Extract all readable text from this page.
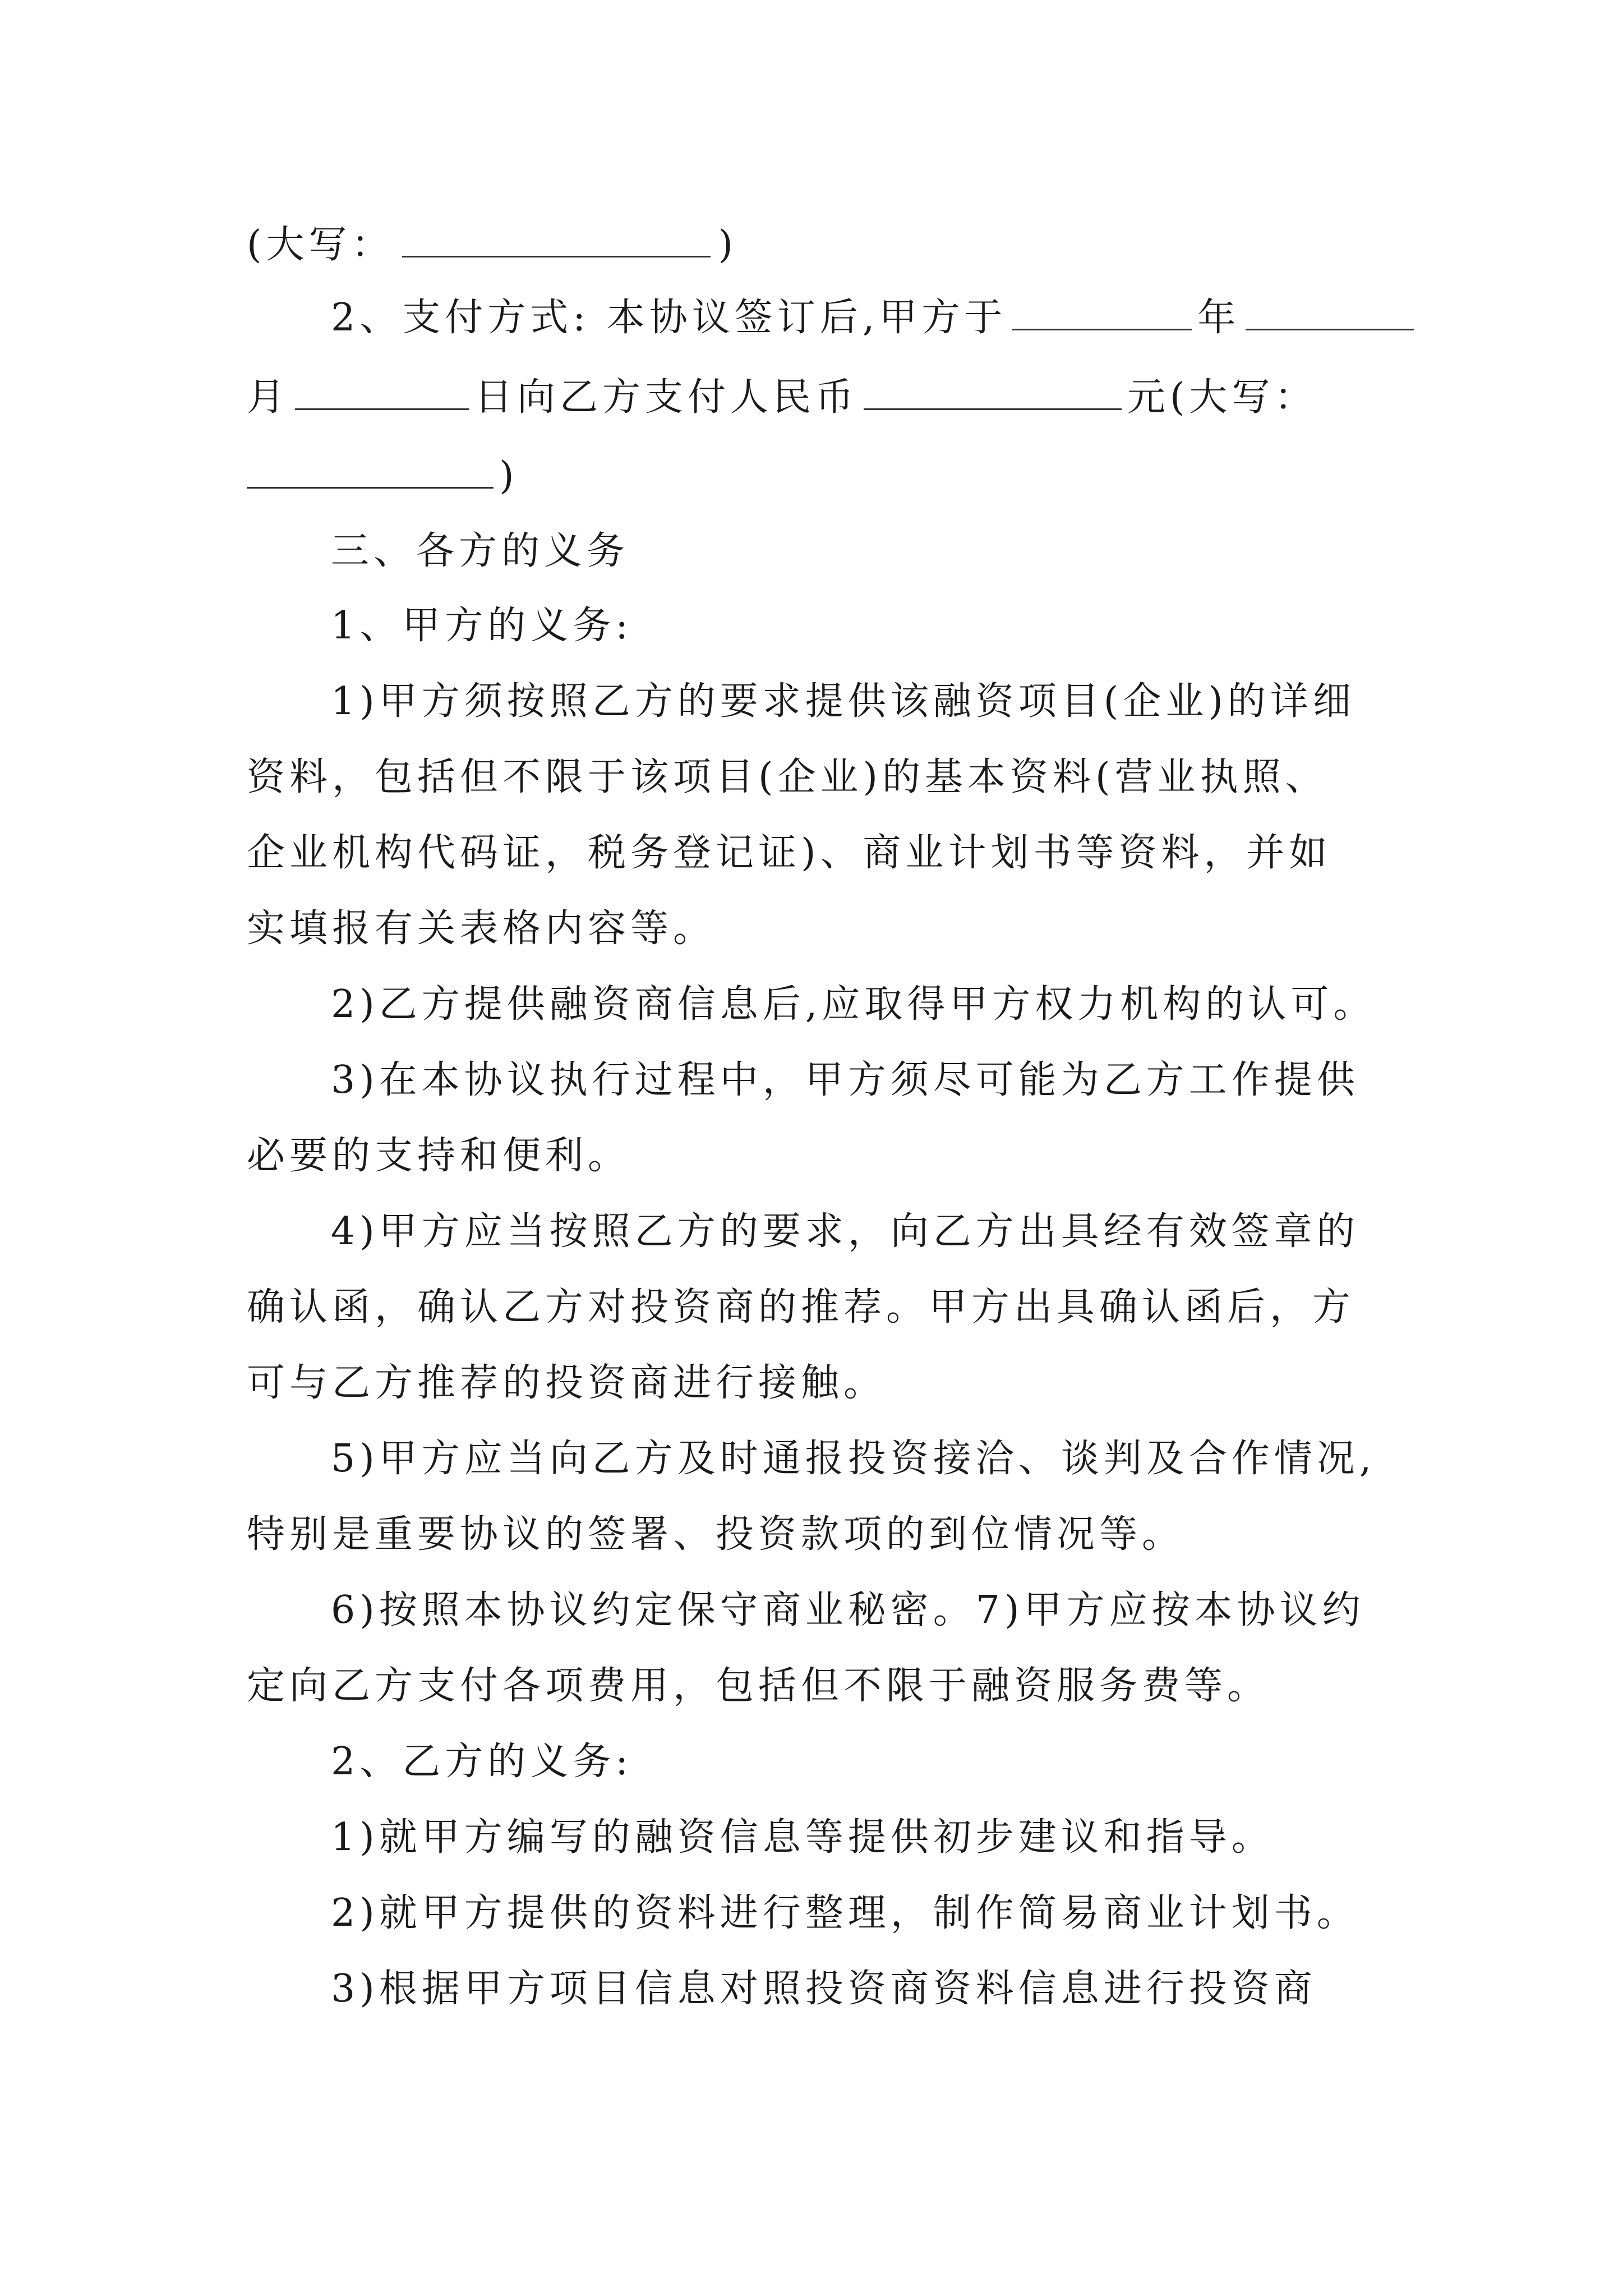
(大写：	)
2、支付方式: 本协议签订后,甲方于	年
月	日向乙方支付人民币	元(大写：
)
三、各方的义务
1、甲方的义务:
1)甲方须按照乙方的要求提供该融资项目(企业)的详细
资料，包括但不限于该项目(企业)的基本资料(营业执照、
企业机构代码证，税务登记证)、商业计划书等资料，并如
实填报有关表格内容等。
2)乙方提供融资商信息后,应取得甲方权力机构的认可。
3)在本协议执行过程中，甲方须尽可能为乙方工作提供
必要的支持和便利。
4)甲方应当按照乙方的要求，向乙方出具经有效签章的
确认函，确认乙方对投资商的推荐。甲方出具确认函后，方
可与乙方推荐的投资商进行接触。
5)甲方应当向乙方及时通报投资接洽、谈判及合作情况,
特别是重要协议的签署、投资款项的到位情况等。
6)按照本协议约定保守商业秘密。7)甲方应按本协议约
定向乙方支付各项费用，包括但不限于融资服务费等。
2、乙方的义务:
1)就甲方编写的融资信息等提供初步建议和指导。
2)就甲方提供的资料进行整理，制作简易商业计划书。
3)根据甲方项目信息对照投资商资料信息进行投资商
